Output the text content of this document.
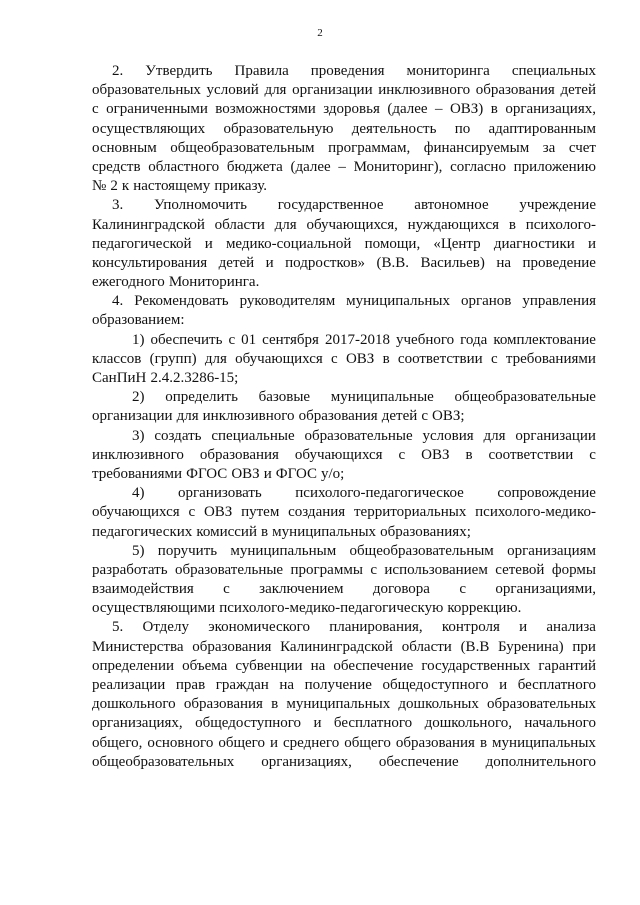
2
2. Утвердить Правила проведения мониторинга специальных
образовательных условий для организации инклюзивного образования детей
с ограниченными возможностями здоровья (далее – ОВЗ) в организациях,
осуществляющих образовательную деятельность по адаптированным
основным общеобразовательным программам, финансируемым за счет
средств областного бюджета (далее – Мониторинг), согласно приложению
№ 2 к настоящему приказу.
3. Уполномочить государственное автономное учреждение
Калининградской области для обучающихся, нуждающихся в психолого-
педагогической и медико-социальной помощи, «Центр диагностики и
консультирования детей и подростков» (В.В. Васильев) на проведение
ежегодного Мониторинга.
4. Рекомендовать руководителям муниципальных органов управления
образованием:
1) обеспечить с 01 сентября 2017-2018 учебного года комплектование
классов (групп) для обучающихся с ОВЗ в соответствии с требованиями
СанПиН 2.4.2.3286-15;
2) определить базовые муниципальные общеобразовательные
организации для инклюзивного образования детей с ОВЗ;
3) создать специальные образовательные условия для организации
инклюзивного образования обучающихся с ОВЗ в соответствии с
требованиями ФГОС ОВЗ и ФГОС у/о;
4) организовать психолого-педагогическое сопровождение
обучающихся с ОВЗ путем создания территориальных психолого-медико-
педагогических комиссий в муниципальных образованиях;
5) поручить муниципальным общеобразовательным организациям
разработать образовательные программы с использованием сетевой формы
взаимодействия с заключением договора с организациями,
осуществляющими психолого-медико-педагогическую коррекцию.
5. Отделу экономического планирования, контроля и анализа
Министерства образования Калининградской области (В.В Буренина) при
определении объема субвенции на обеспечение государственных гарантий
реализации прав граждан на получение общедоступного и бесплатного
дошкольного образования в муниципальных дошкольных образовательных
организациях, общедоступного и бесплатного дошкольного, начального
общего, основного общего и среднего общего образования в муниципальных
общеобразовательных организациях, обеспечение дополнительного
